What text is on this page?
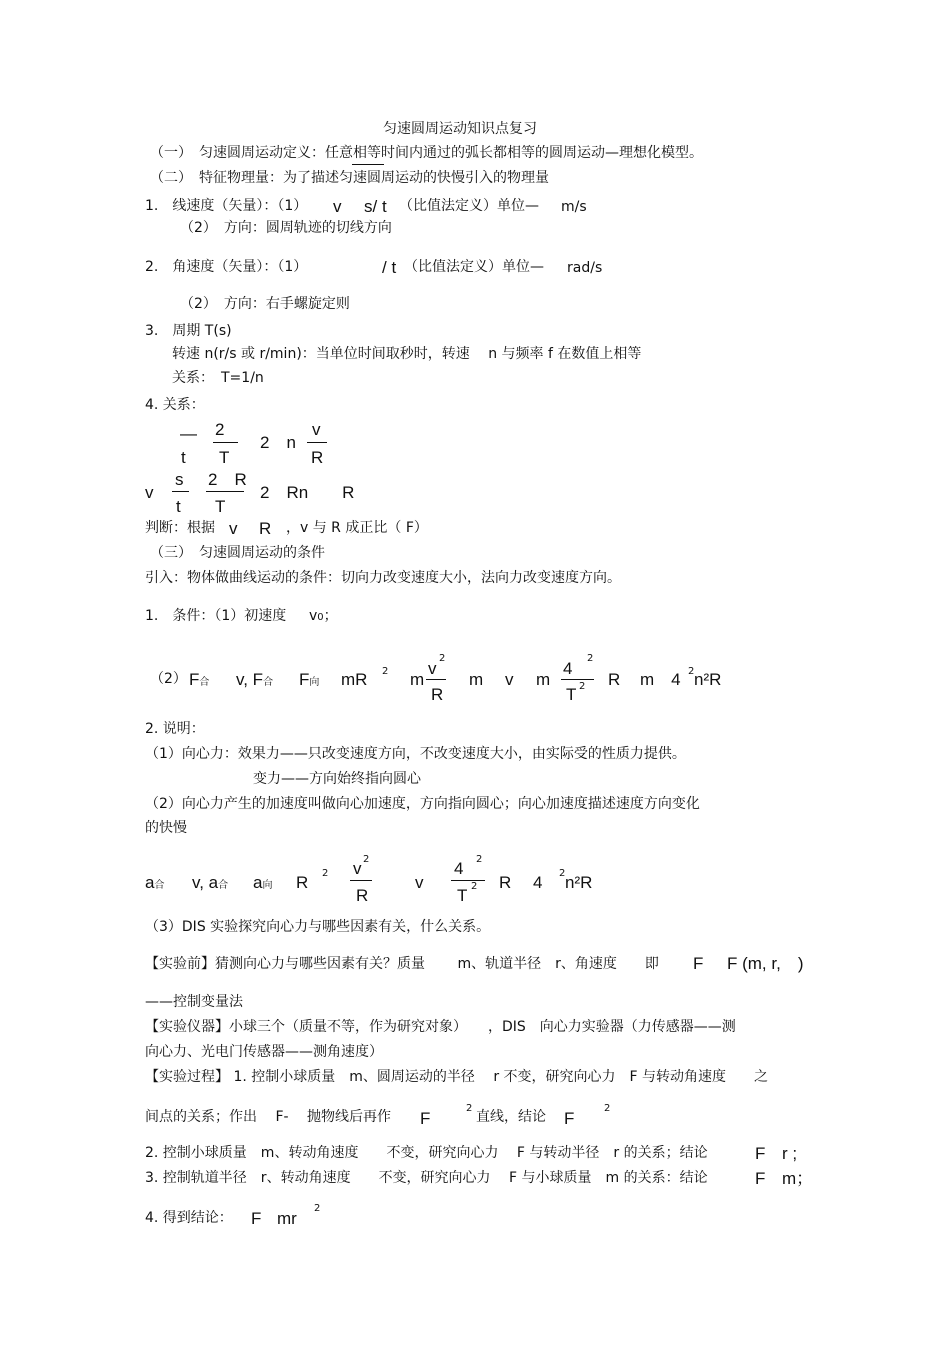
匀速圆周运动知识点复习
（一）　匀速圆周运动定义：任意相等时间内通过的弧长都相等的圆周运动—理想化模型。
（二）　特征物理量：为了描述匀速圆周运动的快慢引入的物理量
1.　线速度（矢量）：（1） v s/ t （比值法定义）单位— m/s
（2）　方向：圆周轨迹的切线方向
2.　角速度（矢量）：（1）	/ t （比值法定义）单位— rad/s
（2）　方向：右手螺旋定则
3.　周期 T(s)
转速 n(r/s 或 r/min)：当单位时间取秒时，转速　 n 与频率 f 在数值上相等
关系：　T=1/n
4. 关系：
—
t
2
T
2　n
v
R
v
s
t
2　R
T
2　Rn　　R
判断：根据 v R ，v 与 R 成正比（ F）
（三）　匀速圆周运动的条件
引入：物体做曲线运动的条件：切向力改变速度大小，法向力改变速度方向。
1.　条件：（1）初速度 v0；
（2） F合 v, F合 F向 mR 2 m
v
2
R
m v m
4
2
T 2 R m　4 2 n²R
2. 说明：
（1）向心力：效果力——只改变速度方向，不改变速度大小，由实际受的性质力提供。
变力——方向始终指向圆心
（2）向心力产生的加速度叫做向心加速度，方向指向圆心；向心加速度描述速度方向变化
的快慢
a合 v, a合 a向 R 2 v 2
R
v
4 2
T 2 R 4 2 n²R
（3）DIS 实验探究向心力与哪些因素有关，什么关系。
【实验前】猜测向心力与哪些因素有关？质量　　 m、轨道半径　r、角速度　　即 F F (m, r,　)
——控制变量法
【实验仪器】小球三个（质量不等，作为研究对象）　　，DIS　向心力实验器（力传感器——测
向心力、光电门传感器——测角速度）
【实验过程】 1. 控制小球质量　m、圆周运动的半径　 r 不变，研究向心力　F 与转动角速度　　之
间点的关系；作出　 F-　 抛物线后再作 F
2
直线，结论 F
2
2. 控制小球质量　m、转动角速度　　不变，研究向心力　 F 与转动半径　r 的关系；结论	F r ;
3. 控制轨道半径　r、转动角速度　　不变，研究向心力　 F 与小球质量　m 的关系：结论	F m；
4. 得到结论： F mr
2
